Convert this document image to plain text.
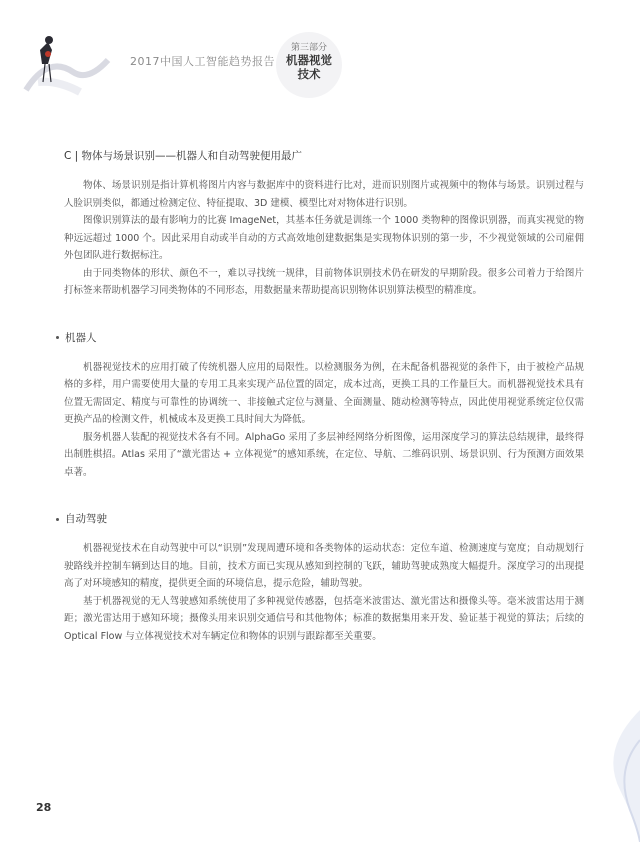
2017中国人工智能趋势报告
第三部分
机器视觉
技术
C | 物体与场景识别——机器人和自动驾驶便用最广

物体、场景识别是指计算机将图片内容与数据库中的资料进行比对，进而识别图片或视频中的物体与场景。识别过程与人脸识别类似，都通过检测定位、特征提取、3D 建模、模型比对对物体进行识别。

图像识别算法的最有影响力的比赛 ImageNet，其基本任务就是训练一个 1000 类物种的图像识别器，而真实视觉的物种远远超过 1000 个。因此采用自动或半自动的方式高效地创建数据集是实现物体识别的第一步，不少视觉领域的公司雇佣外包团队进行数据标注。

由于同类物体的形状、颜色不一，难以寻找统一规律，目前物体识别技术仍在研发的早期阶段。很多公司着力于给图片打标签来帮助机器学习同类物体的不同形态，用数据量来帮助提高识别物体识别算法模型的精准度。

机器人

机器视觉技术的应用打破了传统机器人应用的局限性。以检测服务为例，在未配备机器视觉的条件下，由于被检产品规格的多样，用户需要使用大量的专用工具来实现产品位置的固定，成本过高，更换工具的工作量巨大。而机器视觉技术具有位置无需固定、精度与可靠性的协调统一、非接触式定位与测量、全面测量、随动检测等特点，因此使用视觉系统定位仅需更换产品的检测文件，机械成本及更换工具时间大为降低。

服务机器人装配的视觉技术各有不同。AlphaGo 采用了多层神经网络分析图像，运用深度学习的算法总结规律，最终得出制胜棋招。Atlas 采用了“激光雷达 + 立体视觉”的感知系统，在定位、导航、二维码识别、场景识别、行为预测方面效果卓著。

自动驾驶

机器视觉技术在自动驾驶中可以“识别”发现周遭环境和各类物体的运动状态：定位车道、检测速度与宽度；自动规划行驶路线并控制车辆到达目的地。目前，技术方面已实现从感知到控制的飞跃，辅助驾驶成熟度大幅提升。深度学习的出现提高了对环境感知的精度，提供更全面的环境信息，提示危险，辅助驾驶。

基于机器视觉的无人驾驶感知系统使用了多种视觉传感器，包括毫米波雷达、激光雷达和摄像头等。毫米波雷达用于测距；激光雷达用于感知环境；摄像头用来识别交通信号和其他物体；标准的数据集用来开发、验证基于视觉的算法；后续的 Optical Flow 与立体视觉技术对车辆定位和物体的识别与跟踪都至关重要。

28
